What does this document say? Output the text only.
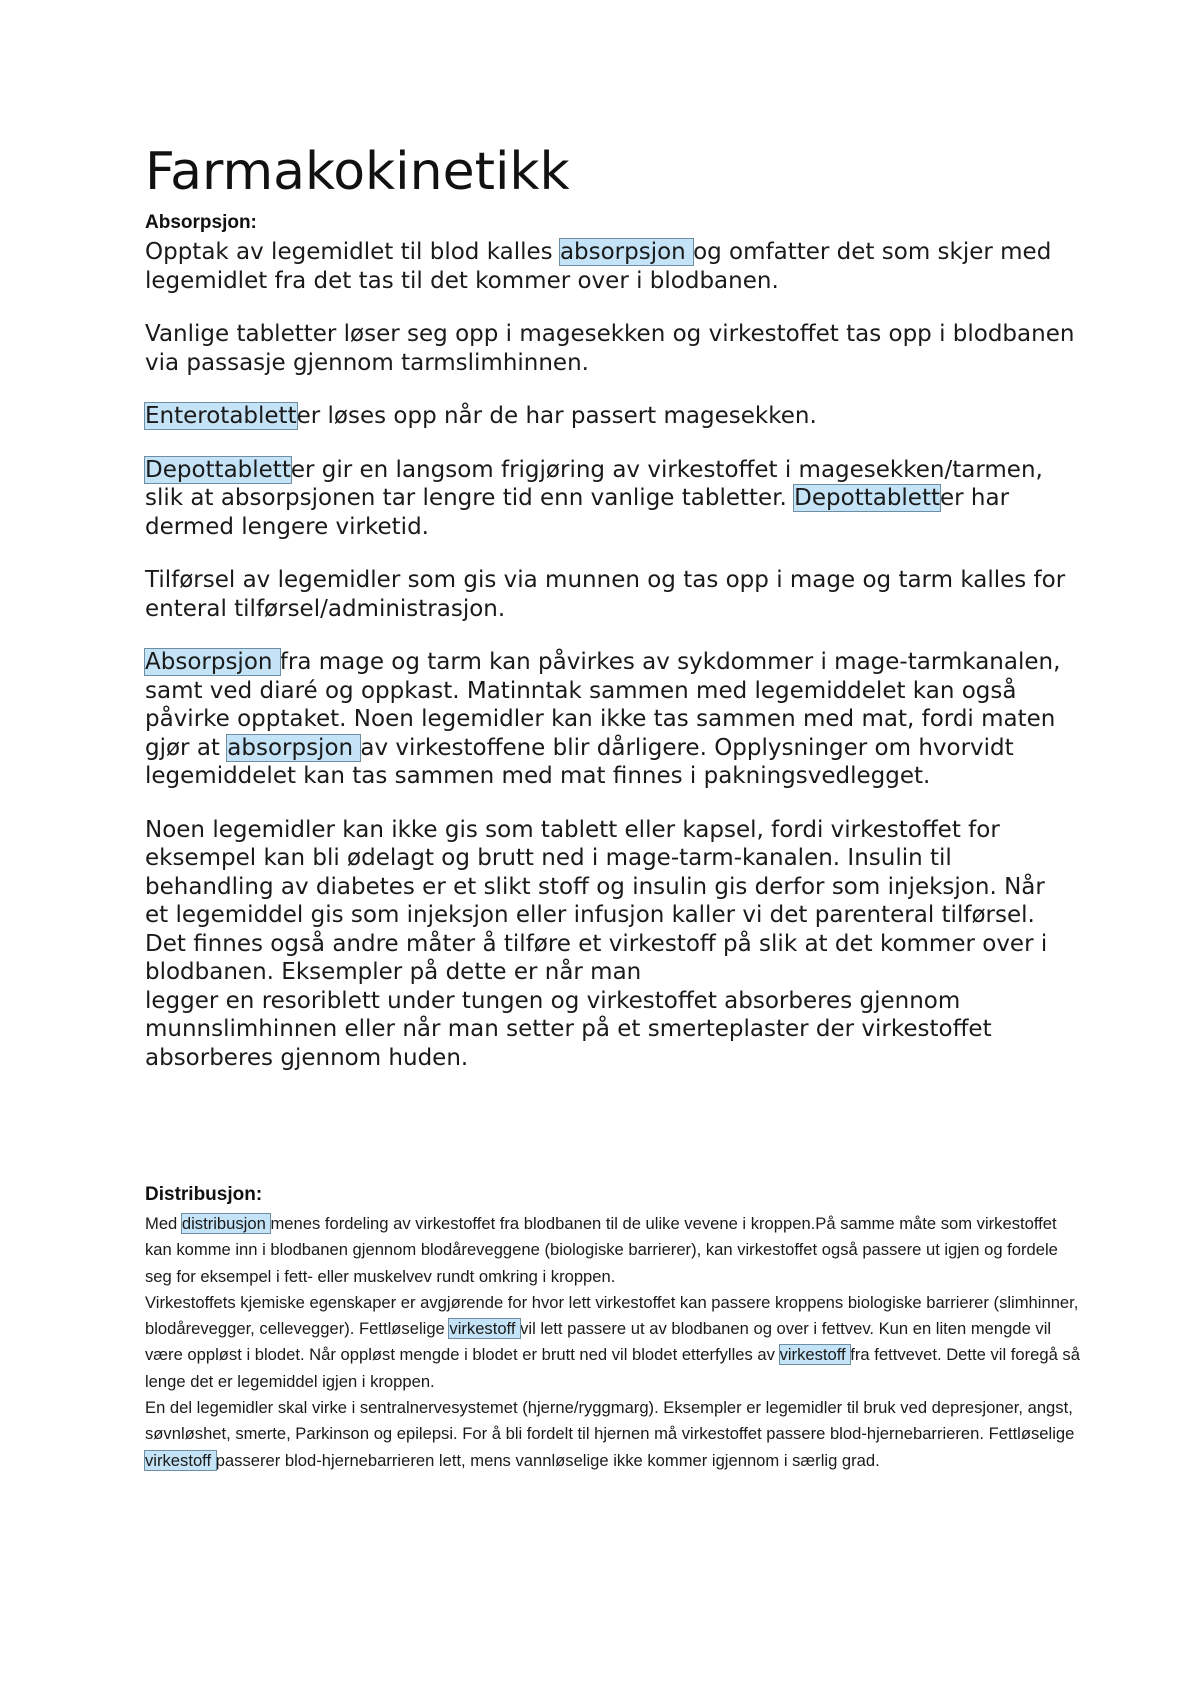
Farmakokinetikk
Absorpsjon:

Opptak av legemidlet til blod kalles absorpsjon og omfatter det som skjer med legemidlet fra det tas til det kommer over i blodbanen.

Vanlige tabletter løser seg opp i magesekken og virkestoffet tas opp i blodbanen via passasje gjennom tarmslimhinnen.

Enterotabletter løses opp når de har passert magesekken.

Depottabletter gir en langsom frigjøring av virkestoffet i magesekken/tarmen, slik at absorpsjonen tar lengre tid enn vanlige tabletter. Depottabletter har dermed lengere virketid.

Tilførsel av legemidler som gis via munnen og tas opp i mage og tarm kalles for enteral tilførsel/administrasjon.

Absorpsjon fra mage og tarm kan påvirkes av sykdommer i mage-tarmkanalen, samt ved diaré og oppkast. Matinntak sammen med legemiddelet kan også påvirke opptaket. Noen legemidler kan ikke tas sammen med mat, fordi maten gjør at absorpsjon av virkestoffene blir dårligere. Opplysninger om hvorvidt legemiddelet kan tas sammen med mat finnes i pakningsvedlegget.

Noen legemidler kan ikke gis som tablett eller kapsel, fordi virkestoffet for eksempel kan bli ødelagt og brutt ned i mage-tarm-kanalen. Insulin til behandling av diabetes er et slikt stoff og insulin gis derfor som injeksjon. Når et legemiddel gis som injeksjon eller infusjon kaller vi det parenteral tilførsel.

Det finnes også andre måter å tilføre et virkestoff på slik at det kommer over i blodbanen. Eksempler på dette er når man

legger en resoriblett under tungen og virkestoffet absorberes gjennom munnslimhinnen eller når man setter på et smerteplaster der virkestoffet absorberes gjennom huden.

Distribusjon:

Med distribusjon menes fordeling av virkestoffet fra blodbanen til de ulike vevene i kroppen.På samme måte som virkestoffet kan komme inn i blodbanen gjennom blodåreveggene (biologiske barrierer), kan virkestoffet også passere ut igjen og fordele seg for eksempel i fett- eller muskelvev rundt omkring i kroppen.

Virkestoffets kjemiske egenskaper er avgjørende for hvor lett virkestoffet kan passere kroppens biologiske barrierer (slimhinner, blodårevegger, cellevegger). Fettløselige virkestoff vil lett passere ut av blodbanen og over i fettvev. Kun en liten mengde vil være oppløst i blodet. Når oppløst mengde i blodet er brutt ned vil blodet etterfylles av virkestoff fra fettvevet. Dette vil foregå så lenge det er legemiddel igjen i kroppen.

En del legemidler skal virke i sentralnervesystemet (hjerne/ryggmarg). Eksempler er legemidler til bruk ved depresjoner, angst, søvnløshet, smerte, Parkinson og epilepsi. For å bli fordelt til hjernen må virkestoffet passere blod-hjernebarrieren. Fettløselige virkestoff passerer blod-hjernebarrieren lett, mens vannløselige ikke kommer igjennom i særlig grad.
